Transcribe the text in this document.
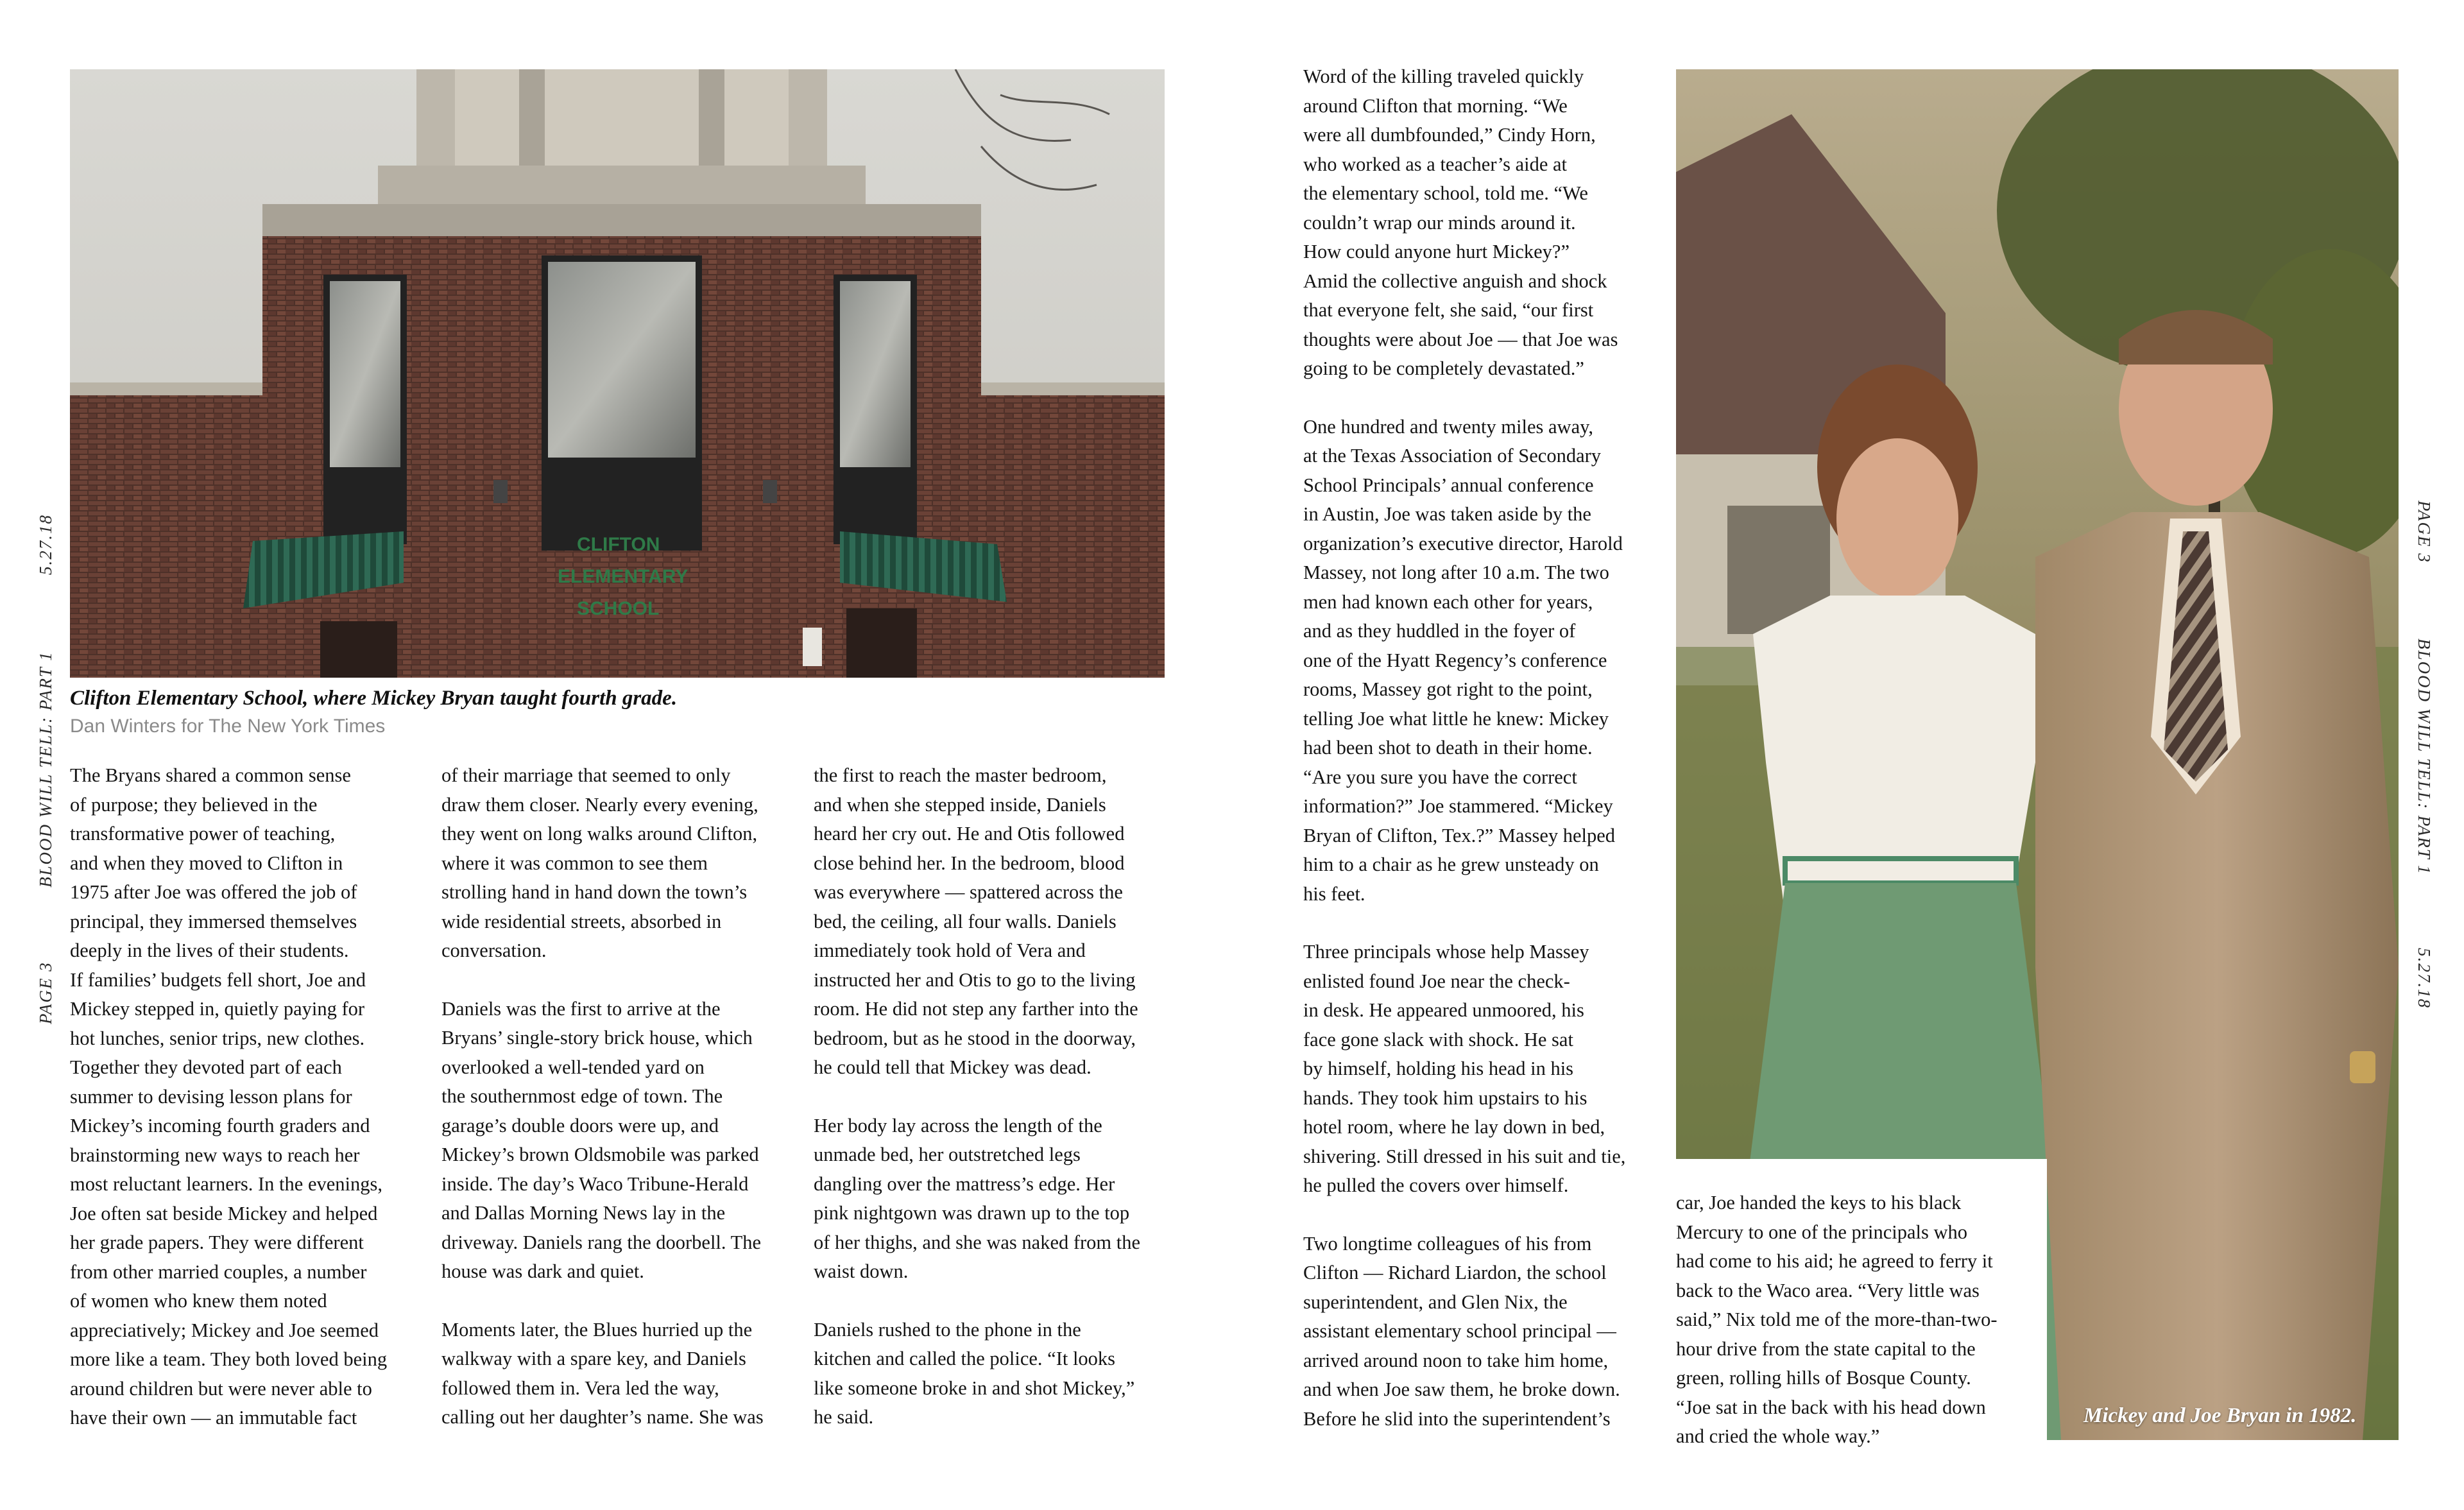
5.27.18
BLOOD WILL TELL: PART 1
PAGE 3
PAGE 3
BLOOD WILL TELL: PART 1
5.27.18
CLIFTON
ELEMENTARY
SCHOOL
Clifton Elementary School, where Mickey Bryan taught fourth grade.
Dan Winters for The New York Times

The Bryans shared a common sense
of purpose; they believed in the
transformative power of teaching,
and when they moved to Clifton in
1975 after Joe was offered the job of
principal, they immersed themselves
deeply in the lives of their students.
If families’ budgets fell short, Joe and
Mickey stepped in, quietly paying for
hot lunches, senior trips, new clothes.
Together they devoted part of each
summer to devising lesson plans for
Mickey’s incoming fourth graders and
brainstorming new ways to reach her
most reluctant learners. In the evenings,
Joe often sat beside Mickey and helped
her grade papers. They were different
from other married couples, a number
of women who knew them noted
appreciatively; Mickey and Joe seemed
more like a team. They both loved being
around children but were never able to
have their own — an immutable fact

of their marriage that seemed to only
draw them closer. Nearly every evening,
they went on long walks around Clifton,
where it was common to see them
strolling hand in hand down the town’s
wide residential streets, absorbed in
conversation.

Daniels was the first to arrive at the
Bryans’ single-story brick house, which
overlooked a well-tended yard on
the southernmost edge of town. The
garage’s double doors were up, and
Mickey’s brown Oldsmobile was parked
inside. The day’s Waco Tribune-Herald
and Dallas Morning News lay in the
driveway. Daniels rang the doorbell. The
house was dark and quiet.

Moments later, the Blues hurried up the
walkway with a spare key, and Daniels
followed them in. Vera led the way,
calling out her daughter’s name. She was

the first to reach the master bedroom,
and when she stepped inside, Daniels
heard her cry out. He and Otis followed
close behind her. In the bedroom, blood
was everywhere — spattered across the
bed, the ceiling, all four walls. Daniels
immediately took hold of Vera and
instructed her and Otis to go to the living
room. He did not step any farther into the
bedroom, but as he stood in the doorway,
he could tell that Mickey was dead.

Her body lay across the length of the
unmade bed, her outstretched legs
dangling over the mattress’s edge. Her
pink nightgown was drawn up to the top
of her thighs, and she was naked from the
waist down.

Daniels rushed to the phone in the
kitchen and called the police. “It looks
like someone broke in and shot Mickey,”
he said.

Word of the killing traveled quickly
around Clifton that morning. “We
were all dumbfounded,” Cindy Horn,
who worked as a teacher’s aide at
the elementary school, told me. “We
couldn’t wrap our minds around it.
How could anyone hurt Mickey?”
Amid the collective anguish and shock
that everyone felt, she said, “our first
thoughts were about Joe — that Joe was
going to be completely devastated.”

One hundred and twenty miles away,
at the Texas Association of Secondary
School Principals’ annual conference
in Austin, Joe was taken aside by the
organization’s executive director, Harold
Massey, not long after 10 a.m. The two
men had known each other for years,
and as they huddled in the foyer of
one of the Hyatt Regency’s conference
rooms, Massey got right to the point,
telling Joe what little he knew: Mickey
had been shot to death in their home.
“Are you sure you have the correct
information?” Joe stammered. “Mickey
Bryan of Clifton, Tex.?” Massey helped
him to a chair as he grew unsteady on
his feet.

Three principals whose help Massey
enlisted found Joe near the check-
in desk. He appeared unmoored, his
face gone slack with shock. He sat
by himself, holding his head in his
hands. They took him upstairs to his
hotel room, where he lay down in bed,
shivering. Still dressed in his suit and tie,
he pulled the covers over himself.

Two longtime colleagues of his from
Clifton — Richard Liardon, the school
superintendent, and Glen Nix, the
assistant elementary school principal —
arrived around noon to take him home,
and when Joe saw them, he broke down.
Before he slid into the superintendent’s	Mickey and Joe Bryan in 1982.

car, Joe handed the keys to his black
Mercury to one of the principals who
had come to his aid; he agreed to ferry it
back to the Waco area. “Very little was
said,” Nix told me of the more-than-two-
hour drive from the state capital to the
green, rolling hills of Bosque County.
“Joe sat in the back with his head down
and cried the whole way.”
